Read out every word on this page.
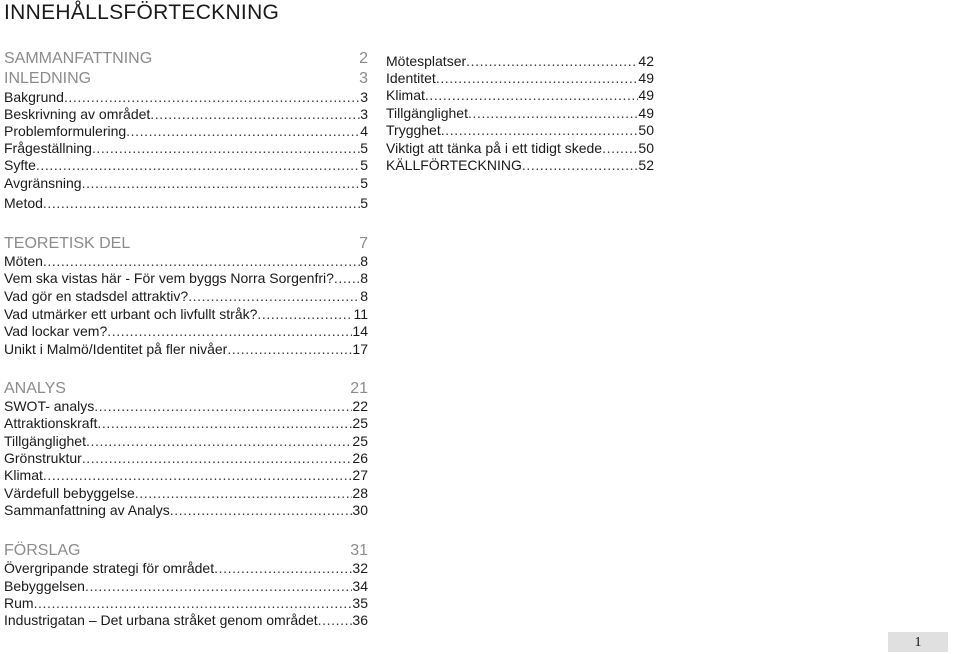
INNEHÅLLSFÖRTECKNING
SAMMANFATTNING	2
INLEDNING	3
Bakgrund .....	3
Beskrivning av området .....	3
Problemformulering .....	4
Frågeställning .....	5
Syfte .....	5
Avgränsning .....	5
Metod .....	5
TEORETISK DEL	7
Möten .....	8
Vem ska vistas här - För vem byggs Norra Sorgenfri? ..... 8
Vad gör en stadsdel attraktiv? .....	8
Vad utmärker ett urbant och livfullt stråk? .....	11
Vad lockar vem? .....	14
Unikt i Malmö/Identitet på fler nivåer .....	17
ANALYS	21
SWOT- analys .....	22
Attraktionskraft .....	25
Tillgänglighet .....	25
Grönstruktur .....	26
Klimat .....	27
Värdefull bebyggelse .....	28
Sammanfattning av Analys .....	30
FÖRSLAG	31
Övergripande strategi för området .....	32
Bebyggelsen .....	34
Rum .....	35
Industrigatan – Det urbana stråket genom området ..... 36
Mötesplatser .....	42
Identitet .....	49
Klimat .....	49
Tillgänglighet .....	49
Trygghet .....	50
Viktigt att tänka på i ett tidigt skede .....	50
KÄLLFÖRTECKNING .....	52
1
